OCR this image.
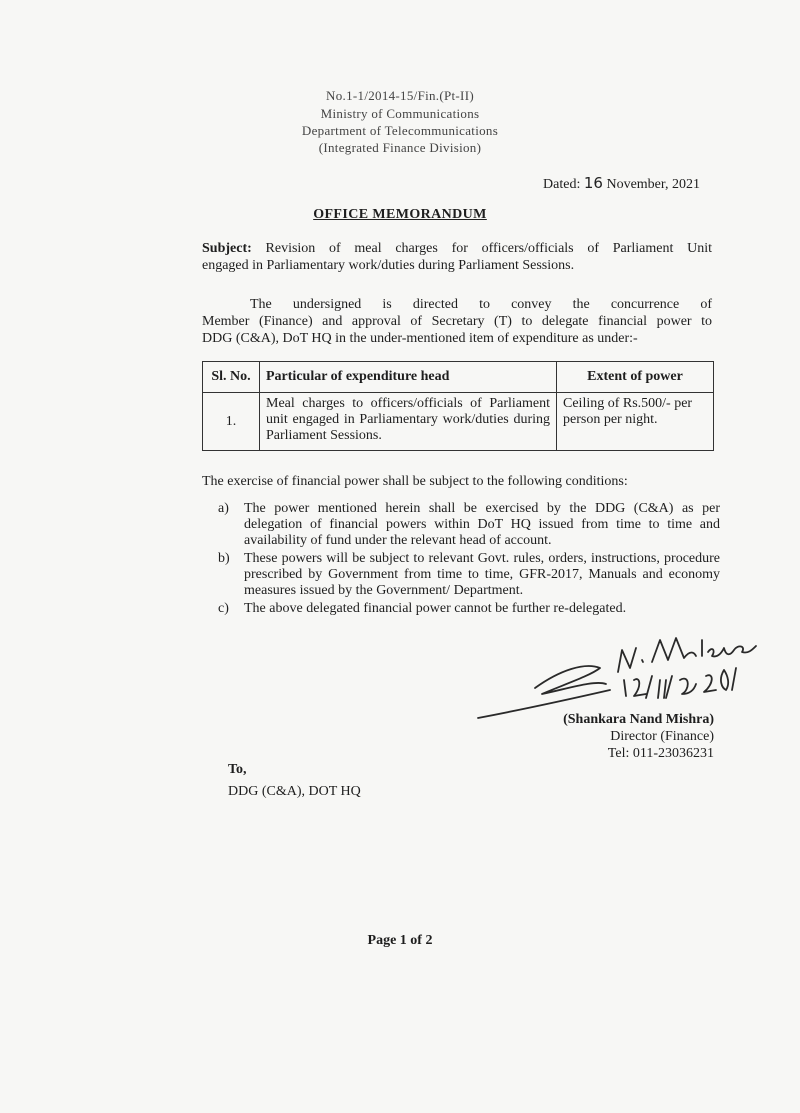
No.1-1/2014-15/Fin.(Pt-II)
Ministry of Communications
Department of Telecommunications
(Integrated Finance Division)
Dated: 16 November, 2021
OFFICE MEMORANDUM
Subject: Revision of meal charges for officers/officials of Parliament Unit
engaged in Parliamentary work/duties during Parliament Sessions.
The undersigned is directed to convey the concurrence of
Member (Finance) and approval of Secretary (T) to delegate financial power to
DDG (C&A), DoT HQ in the under-mentioned item of expenditure as under:-
Sl. No.	Particular of expenditure head	Extent of power
1.	Meal charges to officers/officials of Parliament unit engaged in Parliamentary work/duties during Parliament Sessions.	Ceiling of Rs.500/- per person per night.
The exercise of financial power shall be subject to the following conditions:
a) The power mentioned herein shall be exercised by the DDG (C&A) as per delegation of financial powers within DoT HQ issued from time to time and availability of fund under the relevant head of account.
b) These powers will be subject to relevant Govt. rules, orders, instructions, procedure prescribed by Government from time to time, GFR-2017, Manuals and economy measures issued by the Government/ Department.
c) The above delegated financial power cannot be further re-delegated.
(Shankara Nand Mishra)
Director (Finance)
Tel: 011-23036231
To,
DDG (C&A), DOT HQ
Page 1 of 2
